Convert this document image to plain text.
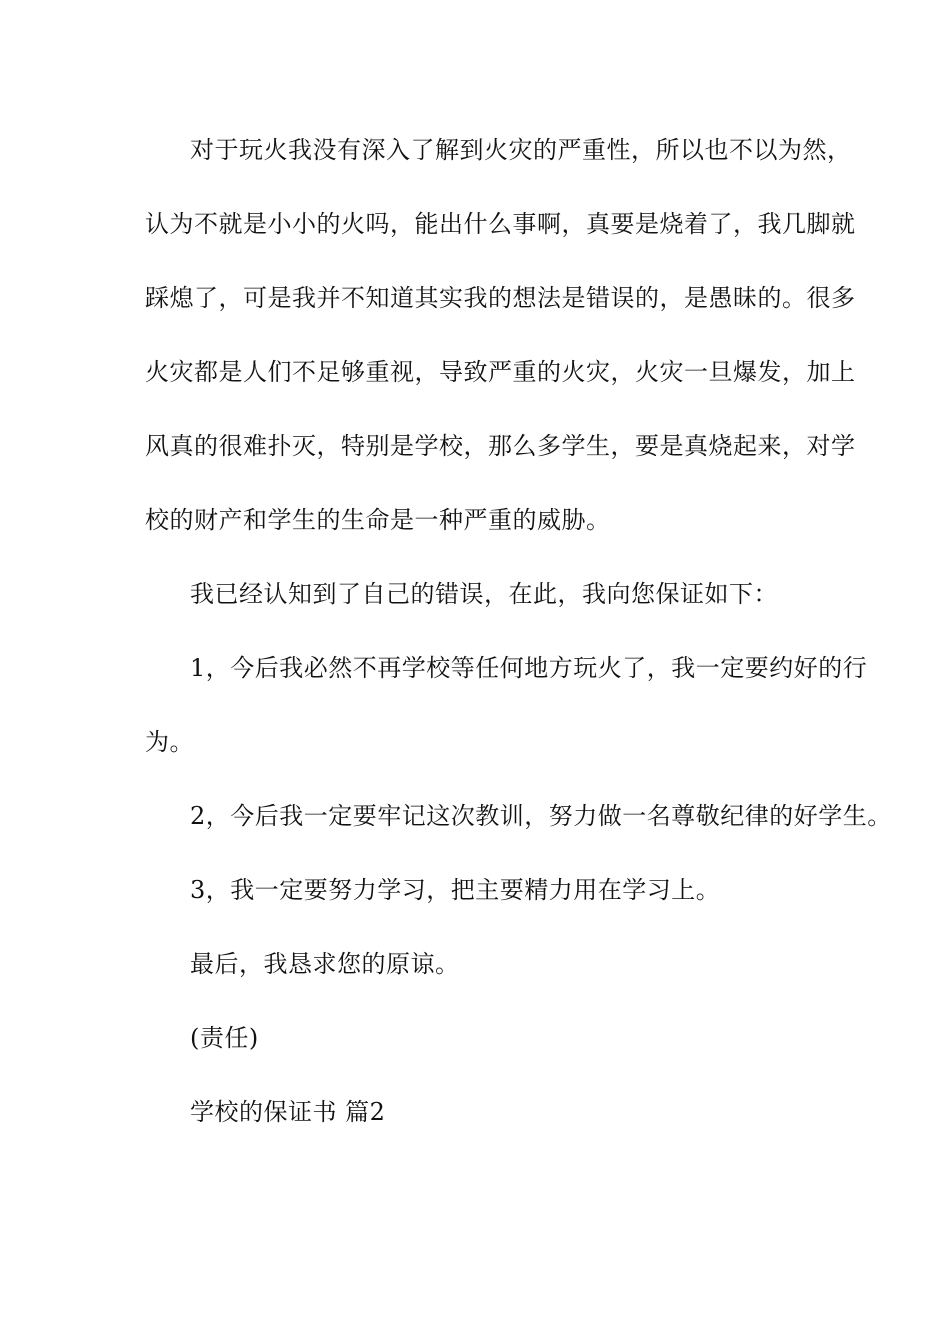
对于玩火我没有深入了解到火灾的严重性，所以也不以为然，
认为不就是小小的火吗，能出什么事啊，真要是烧着了，我几脚就
踩熄了，可是我并不知道其实我的想法是错误的，是愚昧的。很多
火灾都是人们不足够重视，导致严重的火灾，火灾一旦爆发，加上
风真的很难扑灭，特别是学校，那么多学生，要是真烧起来，对学
校的财产和学生的生命是一种严重的威胁。
我已经认知到了自己的错误，在此，我向您保证如下：
1，今后我必然不再学校等任何地方玩火了，我一定要约好的行
为。
2，今后我一定要牢记这次教训，努力做一名尊敬纪律的好学生。
3，我一定要努力学习，把主要精力用在学习上。
最后，我恳求您的原谅。
(责任)
学校的保证书 篇2
